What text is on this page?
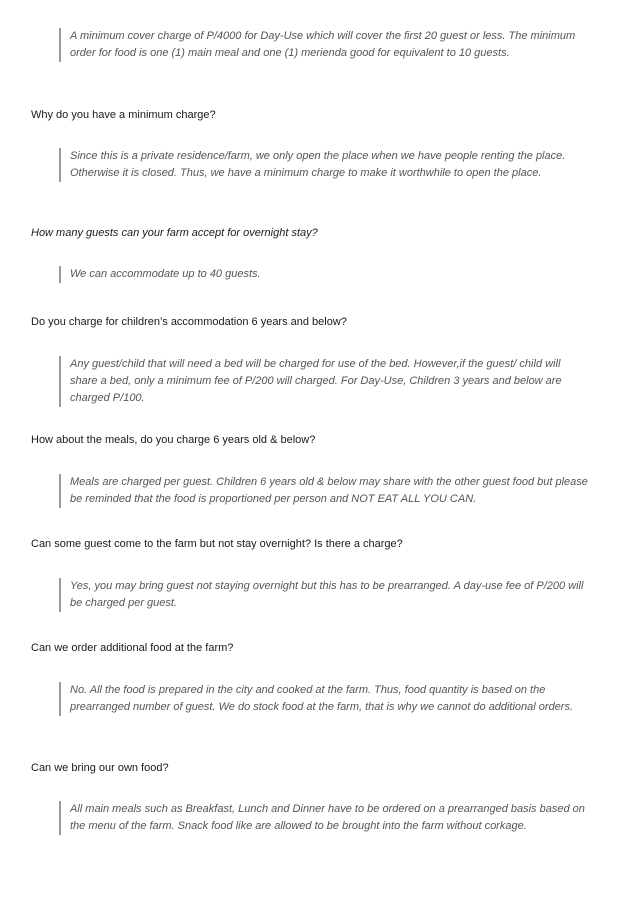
A minimum cover charge of P/4000 for Day-Use which will cover the first 20 guest or less. The minimum order for food is one (1) main meal and one (1) merienda good for equivalent to 10 guests.

Why do you have a minimum charge?

Since this is a private residence/farm, we only open the place when we have people renting the place. Otherwise it is closed. Thus, we have a minimum charge to make it worthwhile to open the place.

How many guests can your farm accept for overnight stay?

We can accommodate up to 40 guests.

Do you charge for children’s accommodation 6 years and below?

Any guest/child that will need a bed will be charged for use of the bed. However,if the guest/ child will share a bed, only a minimum fee of P/200 will charged. For Day-Use, Children 3 years and below are charged P/100.

How about the meals, do you charge 6 years old & below?

Meals are charged per guest. Children 6 years old & below may share with the other guest food but please be reminded that the food is proportioned per person and NOT EAT ALL YOU CAN.

Can some guest come to the farm but not stay overnight? Is there a charge?

Yes, you may bring guest not staying overnight but this has to be prearranged. A day-use fee of P/200 will be charged per guest.

Can we order additional food at the farm?

No. All the food is prepared in the city and cooked at the farm. Thus, food quantity is based on the prearranged number of guest. We do stock food at the farm, that is why we cannot do additional orders.

Can we bring our own food?

All main meals such as Breakfast, Lunch and Dinner have to be ordered on a prearranged basis based on the menu of the farm. Snack food like are allowed to be brought into the farm without corkage.
